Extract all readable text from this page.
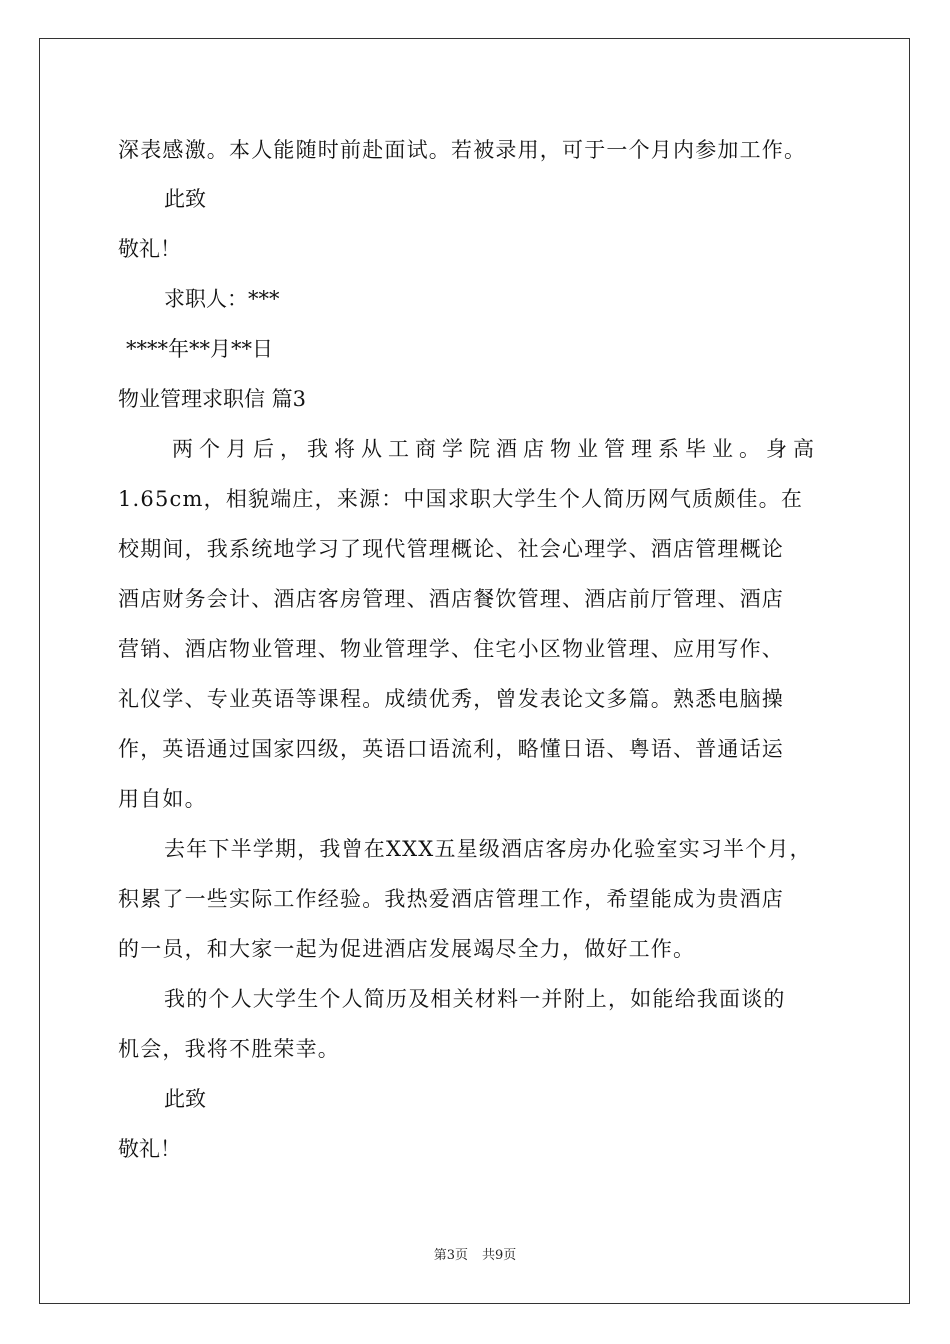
深表感激。本人能随时前赴面试。若被录用，可于一个月内参加工作。
此致
敬礼！
求职人：***
****年**月**日
物业管理求职信 篇3
两个月后，我将从工商学院酒店物业管理系毕业。身高
1.65cm，相貌端庄，来源：中国求职大学生个人简历网气质颇佳。在
校期间，我系统地学习了现代管理概论、社会心理学、酒店管理概论
酒店财务会计、酒店客房管理、酒店餐饮管理、酒店前厅管理、酒店
营销、酒店物业管理、物业管理学、住宅小区物业管理、应用写作、
礼仪学、专业英语等课程。成绩优秀，曾发表论文多篇。熟悉电脑操
作，英语通过国家四级，英语口语流利，略懂日语、粤语、普通话运
用自如。
去年下半学期，我曾在XXX五星级酒店客房办化验室实习半个月，
积累了一些实际工作经验。我热爱酒店管理工作，希望能成为贵酒店
的一员，和大家一起为促进酒店发展竭尽全力，做好工作。
我的个人大学生个人简历及相关材料一并附上，如能给我面谈的
机会，我将不胜荣幸。
此致
敬礼！
第3页 共9页
